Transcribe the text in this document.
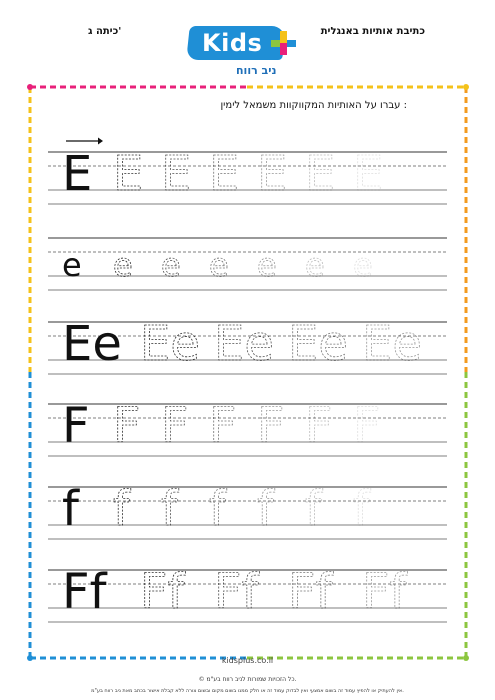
כתיבת אותיות באנגלית
כיתה ג'	Kids
ניב רווח
עברו על האותיות המקווקוות משמאל לימין :
E E E E E E E
e e e e e e e
Ee Ee Ee Ee Ee
F F F F F F F
f f f f f f f
Ff Ff Ff Ff Ff
kidsplus.co.il
© כל הזכויות שמורות לניב רווח בע"מ.
אין להעתיק או להפיץ עמוד זה בשום אמצעי ואין לבדוק עמוד זה או חלק ממנו בשום מקום ובשום צורה ללא קבלת אישור בכתב מאת ניב רווח בע"מ.
